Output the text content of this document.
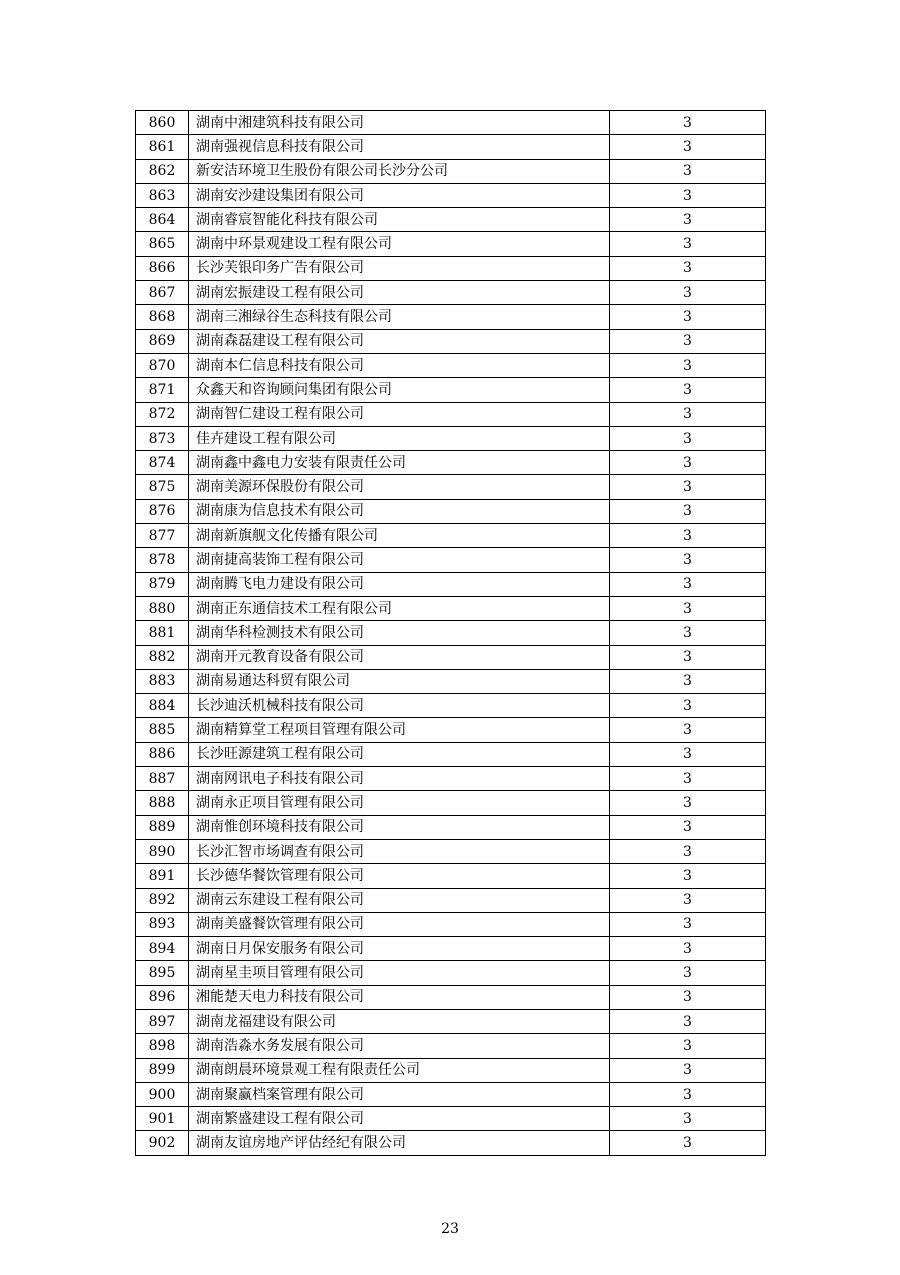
860	湖南中湘建筑科技有限公司	3
861	湖南强视信息科技有限公司	3
862	新安洁环境卫生股份有限公司长沙分公司	3
863	湖南安沙建设集团有限公司	3
864	湖南睿宸智能化科技有限公司	3
865	湖南中环景观建设工程有限公司	3
866	长沙芙银印务广告有限公司	3
867	湖南宏振建设工程有限公司	3
868	湖南三湘绿谷生态科技有限公司	3
869	湖南森磊建设工程有限公司	3
870	湖南本仁信息科技有限公司	3
871	众鑫天和咨询顾问集团有限公司	3
872	湖南智仁建设工程有限公司	3
873	佳卉建设工程有限公司	3
874	湖南鑫中鑫电力安装有限责任公司	3
875	湖南美源环保股份有限公司	3
876	湖南康为信息技术有限公司	3
877	湖南新旗舰文化传播有限公司	3
878	湖南捷高装饰工程有限公司	3
879	湖南腾飞电力建设有限公司	3
880	湖南正东通信技术工程有限公司	3
881	湖南华科检测技术有限公司	3
882	湖南开元教育设备有限公司	3
883	湖南易通达科贸有限公司	3
884	长沙迪沃机械科技有限公司	3
885	湖南精算堂工程项目管理有限公司	3
886	长沙旺源建筑工程有限公司	3
887	湖南网讯电子科技有限公司	3
888	湖南永正项目管理有限公司	3
889	湖南惟创环境科技有限公司	3
890	长沙汇智市场调查有限公司	3
891	长沙德华餐饮管理有限公司	3
892	湖南云东建设工程有限公司	3
893	湖南美盛餐饮管理有限公司	3
894	湖南日月保安服务有限公司	3
895	湖南星圭项目管理有限公司	3
896	湘能楚天电力科技有限公司	3
897	湖南龙福建设有限公司	3
898	湖南浩淼水务发展有限公司	3
899	湖南朗晨环境景观工程有限责任公司	3
900	湖南聚赢档案管理有限公司	3
901	湖南繁盛建设工程有限公司	3
902	湖南友谊房地产评估经纪有限公司	3
23
